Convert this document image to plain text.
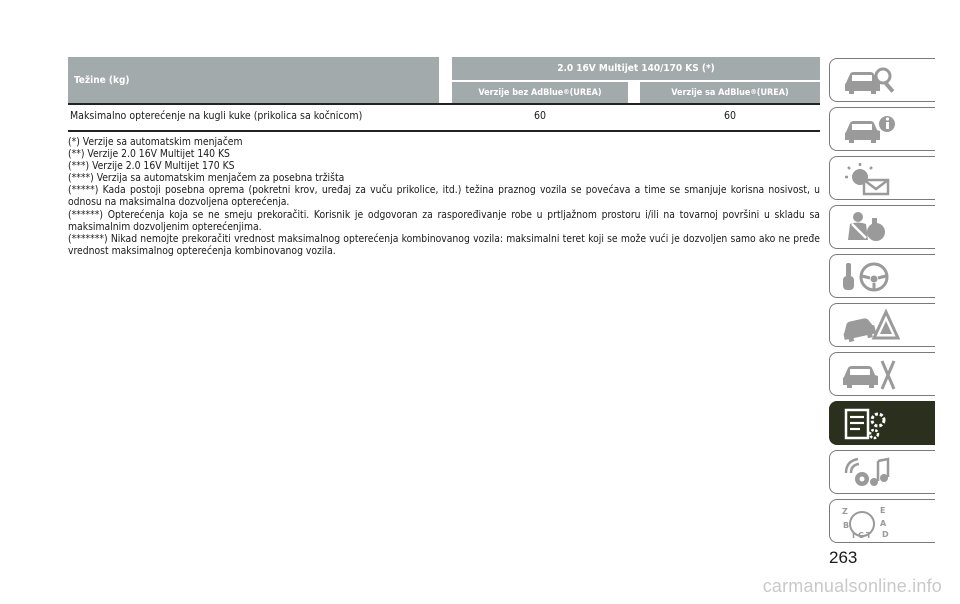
Težine (kg)
2.0 16V Multijet 140/170 KS (*)
Verzije bez AdBlue® (UREA)	Verzije sa AdBlue® (UREA)
Maksimalno opterećenje na kugli kuke (prikolica sa kočnicom)	60	60

(*) Verzije sa automatskim menjačem

(**) Verzije 2.0 16V Multijet 140 KS

(***) Verzije 2.0 16V Multijet 170 KS

(****) Verzija sa automatskim menjačem za posebna tržišta

(*****) Kada postoji posebna oprema (pokretni krov, uređaj za vuču prikolice, itd.) težina praznog vozila se povećava a time se smanjuje korisna nosivost, u odnosu na maksimalna dozvoljena opterećenja.

(******) Opterećenja koja se ne smeju prekoračiti. Korisnik je odgovoran za raspoređivanje robe u prtljažnom prostoru i/ili na tovarnoj površini u skladu sa maksimalnim dozvoljenim opterećenjima.

(*******) Nikad nemojte prekoračiti vrednost maksimalnog opterećenja kombinovanog vozila: maksimalni teret koji se može vući je dozvoljen samo ako ne pređe vrednost maksimalnog opterećenja kombinovanog vozila.

Z	E
B	A
I C T D
263
carmanualsonline.info
